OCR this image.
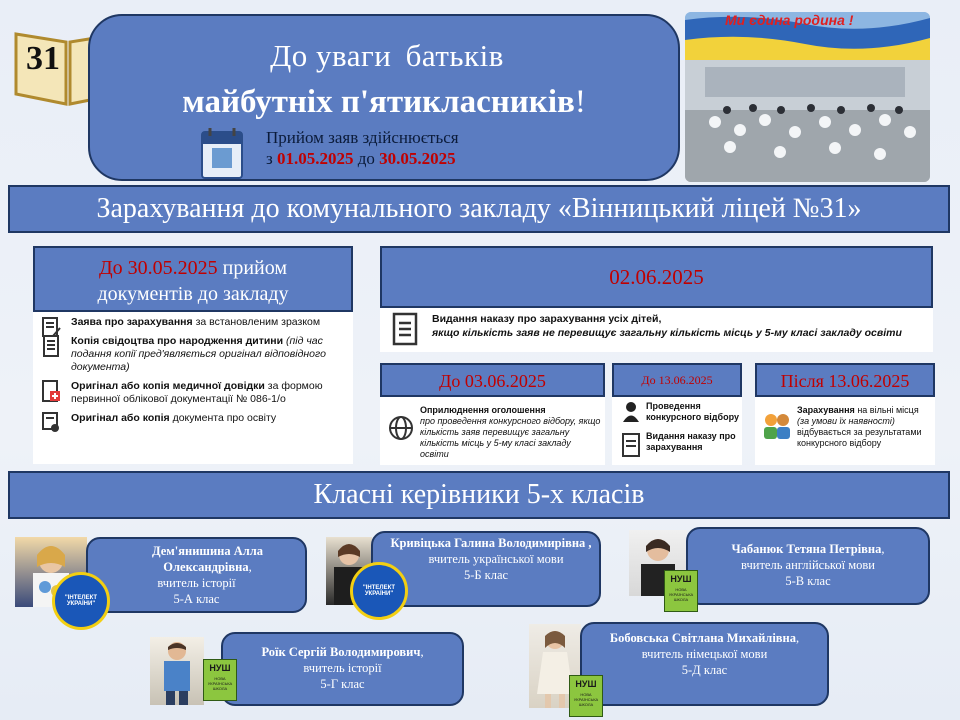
31	До уваги батьків
майбутніх п'ятикласників!
Прийом заяв здійснюється
з 01.05.2025 до 30.05.2025
Ми єдина родина !
Зарахування до комунального закладу «Вінницький ліцей №31»
До 30.05.2025 прийом
документів до закладу
Заява про зарахування за встановленим зразком
Копія свідоцтва про народження дитини (під час подання копії пред'являється оригінал відповідного документа)
Оригінал або копія медичної довідки за формою первинної облікової документації № 086-1/о
Оригінал або копія документа про освіту
02.06.2025
Видання наказу про зарахування усіх дітей,
якщо кількість заяв не перевищує загальну кількість місць у 5-му класі закладу освіти
До 03.06.2025
Оприлюднення оголошення
про проведення конкурсного відбору, якщо кількість заяв перевищує загальну кількість місць у 5-му класі закладу освіти
До 13.06.2025
Проведення конкурсного відбору
Видання наказу про зарахування
Після 13.06.2025
Зарахування на вільні місця (за умови їх наявності) відбувається за результатами конкурсного відбору
Класні керівники 5-х класів
Дем'янишина Алла Олександрівна,
вчитель історії
5-А клас
"ІНТЕЛЕКТ УКРАЇНИ"
Кривіцька Галина Володимирівна ,
вчитель української мови
5-Б клас
"ІНТЕЛЕКТ УКРАЇНИ"
Чабанюк Тетяна Петрівна,
вчитель англійської мови
5-В клас
НУШ
НОВА УКРАЇНСЬКА ШКОЛА
Роїк Сергій Володимирович,
вчитель історії
5-Г клас
НУШ
НОВА УКРАЇНСЬКА ШКОЛА
Бобовська Світлана Михайлівна,
вчитель німецької мови
5-Д клас
НУШ
НОВА УКРАЇНСЬКА ШКОЛА
